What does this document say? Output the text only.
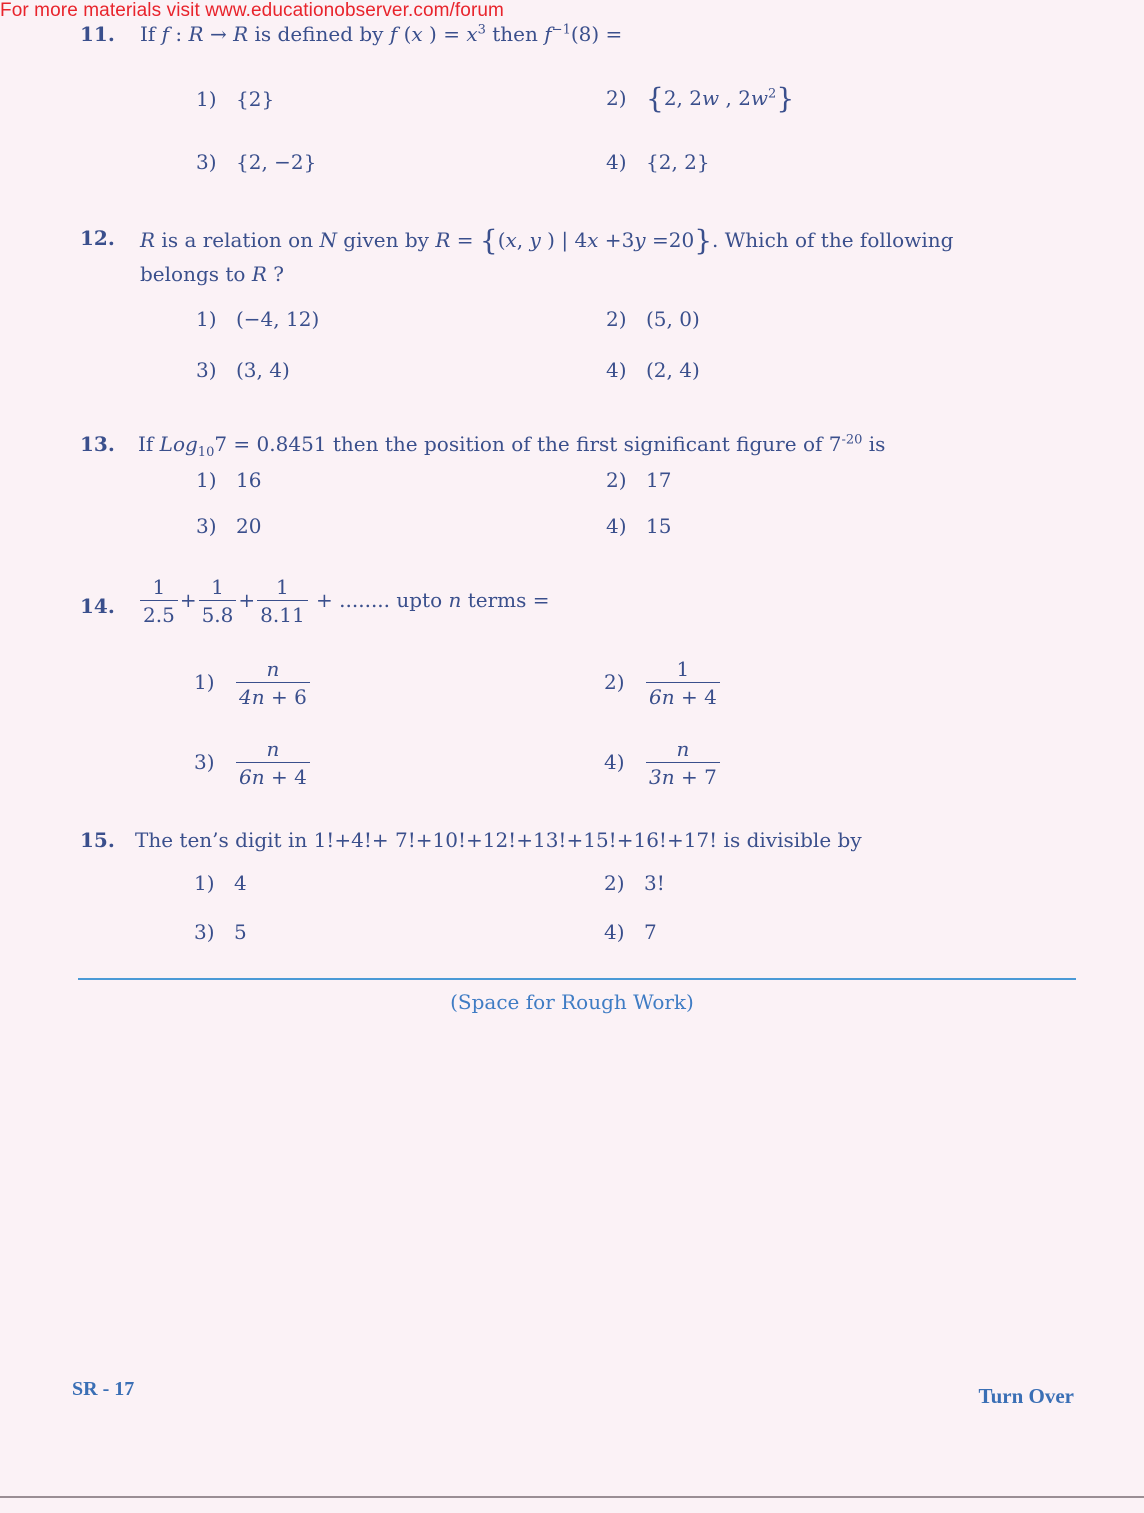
For more materials visit www.educationobserver.com/forum
11. If f : R → R is defined by f (x ) = $x^3$ then $f^{-1}(8)$ =
1) {2}	2) {2, 2w , $2w^2$}
3) {2, −2}	4) {2, 2}
12. R is a relation on N given by R = {(x, y ) | 4x +3y =20}. Which of the following
belongs to R ?
1) (−4, 12)	2) (5, 0)
3) (3, 4)	4) (2, 4)
13. If Log$_{10}$7 = 0.8451 then the position of the first significant figure of $7^{-20}$ is
1) 16	2) 17
3) 20	4) 15
14. $\frac{1}{2.5} + \frac{1}{5.8} + \frac{1}{8.11}$ + ........ upto n terms =
$1) \frac{n}{4n + 6}$	$2) \frac{1}{6n + 4}$
$3) \frac{n}{6n + 4}$	$4) \frac{n}{3n + 7}$
15. The ten’s digit in 1!+4!+ 7!+10!+12!+13!+15!+16!+17! is divisible by
1) 4	2) 3!
3) 5	4) 7
(Space for Rough Work)
SR - 17	Turn Over
